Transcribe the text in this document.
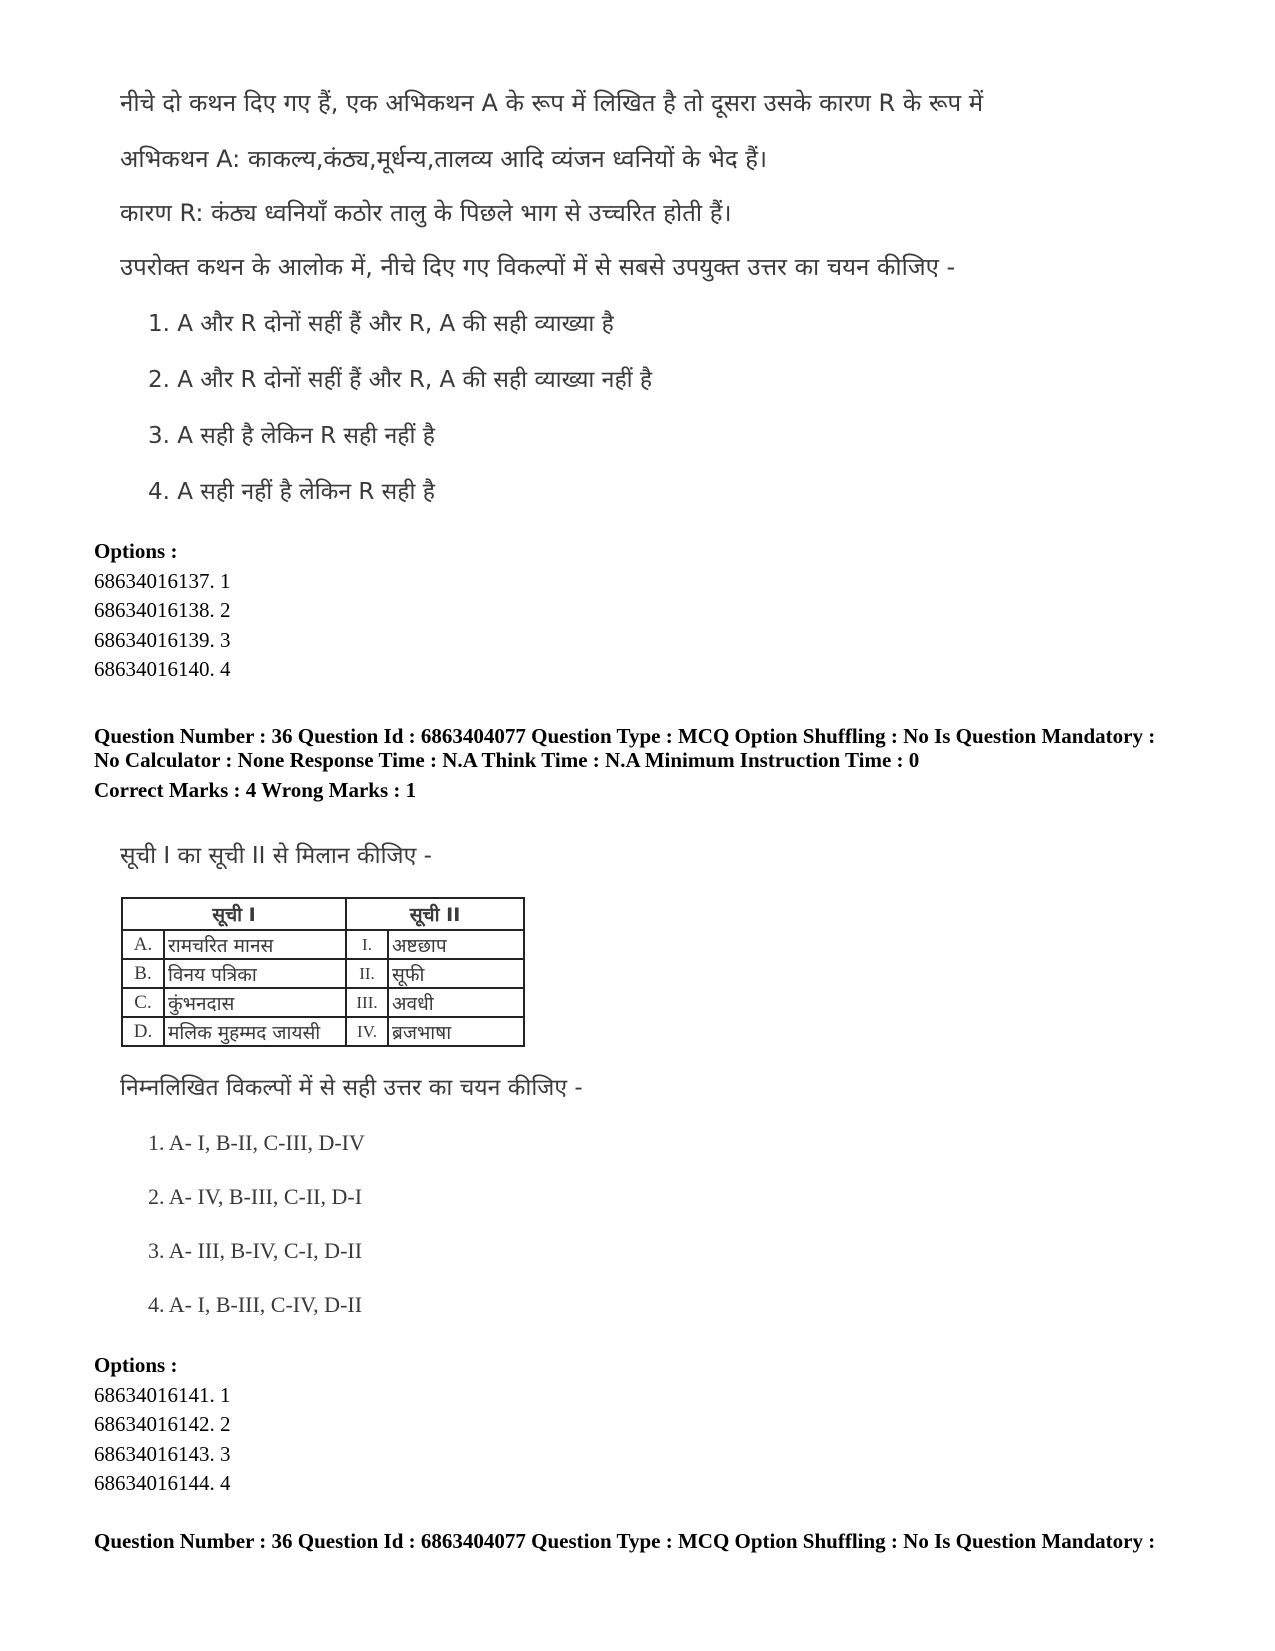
नीचे दो कथन दिए गए हैं, एक अभिकथन A के रूप में लिखित है तो दूसरा उसके कारण R के रूप में
अभिकथन A: काकल्य,कंठ्य,मूर्धन्य,तालव्य आदि व्यंजन ध्वनियों के भेद हैं।
कारण R: कंठ्य ध्वनियाँ कठोर तालु के पिछले भाग से उच्चरित होती हैं।
उपरोक्त कथन के आलोक में, नीचे दिए गए विकल्पों में से सबसे उपयुक्त उत्तर का चयन कीजिए -
1. A और R दोनों सहीं हैं और R, A की सही व्याख्या है
2. A और R दोनों सहीं हैं और R, A की सही व्याख्या नहीं है
3. A सही है लेकिन R सही नहीं है
4. A सही नहीं है लेकिन R सही है
Options :
68634016137. 1
68634016138. 2
68634016139. 3
68634016140. 4
Question Number : 36 Question Id : 6863404077 Question Type : MCQ Option Shuffling : No Is Question Mandatory :
No Calculator : None Response Time : N.A Think Time : N.A Minimum Instruction Time : 0
Correct Marks : 4 Wrong Marks : 1
सूची I का सूची II से मिलान कीजिए -
सूची I		सूची II	
A.	रामचरित मानस	I.	अष्टछाप
B.	विनय पत्रिका	II.	सूफी
C.	कुंभनदास	III.	अवधी
D.	मलिक मुहम्मद जायसी	IV.	ब्रजभाषा
निम्नलिखित विकल्पों में से सही उत्तर का चयन कीजिए -
1. A- I, B-II, C-III, D-IV
2. A- IV, B-III, C-II, D-I
3. A- III, B-IV, C-I, D-II
4. A- I, B-III, C-IV, D-II
Options :
68634016141. 1
68634016142. 2
68634016143. 3
68634016144. 4
Question Number : 36 Question Id : 6863404077 Question Type : MCQ Option Shuffling : No Is Question Mandatory :
